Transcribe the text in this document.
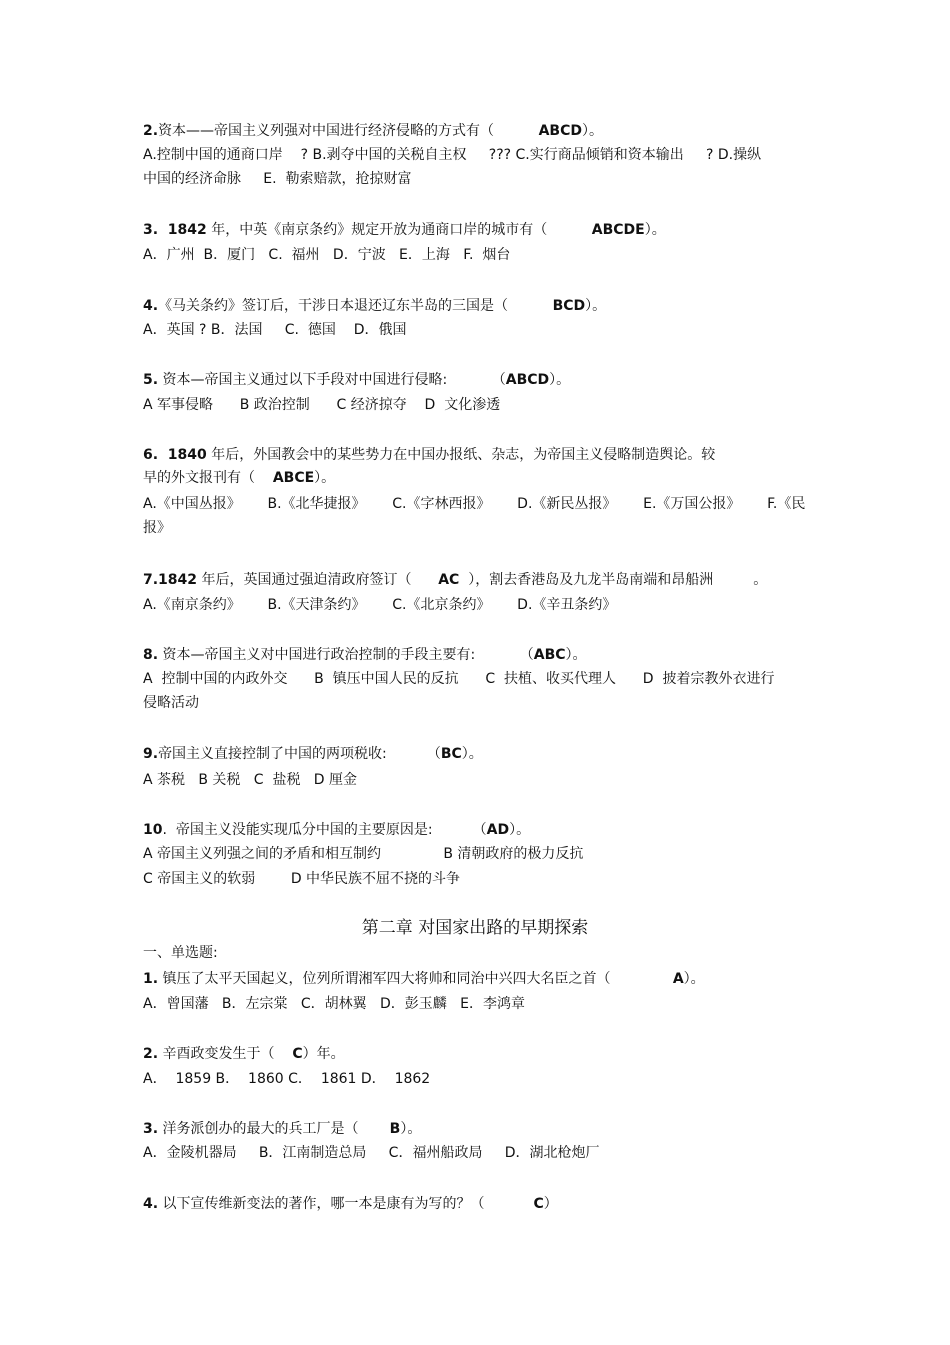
2.资本——帝国主义列强对中国进行经济侵略的方式有（	ABCD）。
A.控制中国的通商口岸    ? B.剥夺中国的关税自主权     ??? C.实行商品倾销和资本输出     ? D.操纵
中国的经济命脉     E.  勒索赔款，抢掠财富
3.  1842 年，中英《南京条约》规定开放为通商口岸的城市有（	ABCDE）。
A．广州  B．厦门   C.  福州   D．宁波   E．上海   F.  烟台
4.《马关条约》签订后，干涉日本退还辽东半岛的三国是（	BCD）。
A．英国 ? B．法国     C.  德国    D．俄国
5. 资本—帝国主义通过以下手段对中国进行侵略:          （ABCD）。
A 军事侵略      B 政治控制      C 经济掠夺    D  文化渗透
6.  1840 年后，外国教会中的某些势力在中国办报纸、杂志，为帝国主义侵略制造舆论。较
早的外文报刊有（ ABCE）。
A.《中国丛报》      B.《北华捷报》      C.《字林西报》      D.《新民丛报》      E.《万国公报》      F.《民
报》
7.1842 年后，英国通过强迫清政府签订（ AC  ），割去香港岛及九龙半岛南端和昂船洲         。
A.《南京条约》      B.《天津条约》      C.《北京条约》      D.《辛丑条约》
8. 资本—帝国主义对中国进行政治控制的手段主要有:          （ABC）。
A  控制中国的内政外交      B  镇压中国人民的反抗      C  扶植、收买代理人      D  披着宗教外衣进行
侵略活动
9.帝国主义直接控制了中国的两项税收:         （BC）。
A 茶税   B 关税   C  盐税   D 厘金
10.  帝国主义没能实现瓜分中国的主要原因是:         （AD）。
A 帝国主义列强之间的矛盾和相互制约              B 清朝政府的极力反抗
C 帝国主义的软弱        D 中华民族不屈不挠的斗争
第二章 对国家出路的早期探索
一、单选题:
1. 镇压了太平天国起义，位列所谓湘军四大将帅和同治中兴四大名臣之首（	A）。
A．曾国藩   B．左宗棠   C．胡林翼   D．彭玉麟   E．李鸿章
2. 辛酉政变发生于（ C）年。
A．  1859 B．  1860 C．  1861 D．  1862
3. 洋务派创办的最大的兵工厂是（ B）。
A．金陵机器局     B．江南制造总局     C．福州船政局     D．湖北枪炮厂
4. 以下宣传维新变法的著作，哪一本是康有为写的？（	C）
